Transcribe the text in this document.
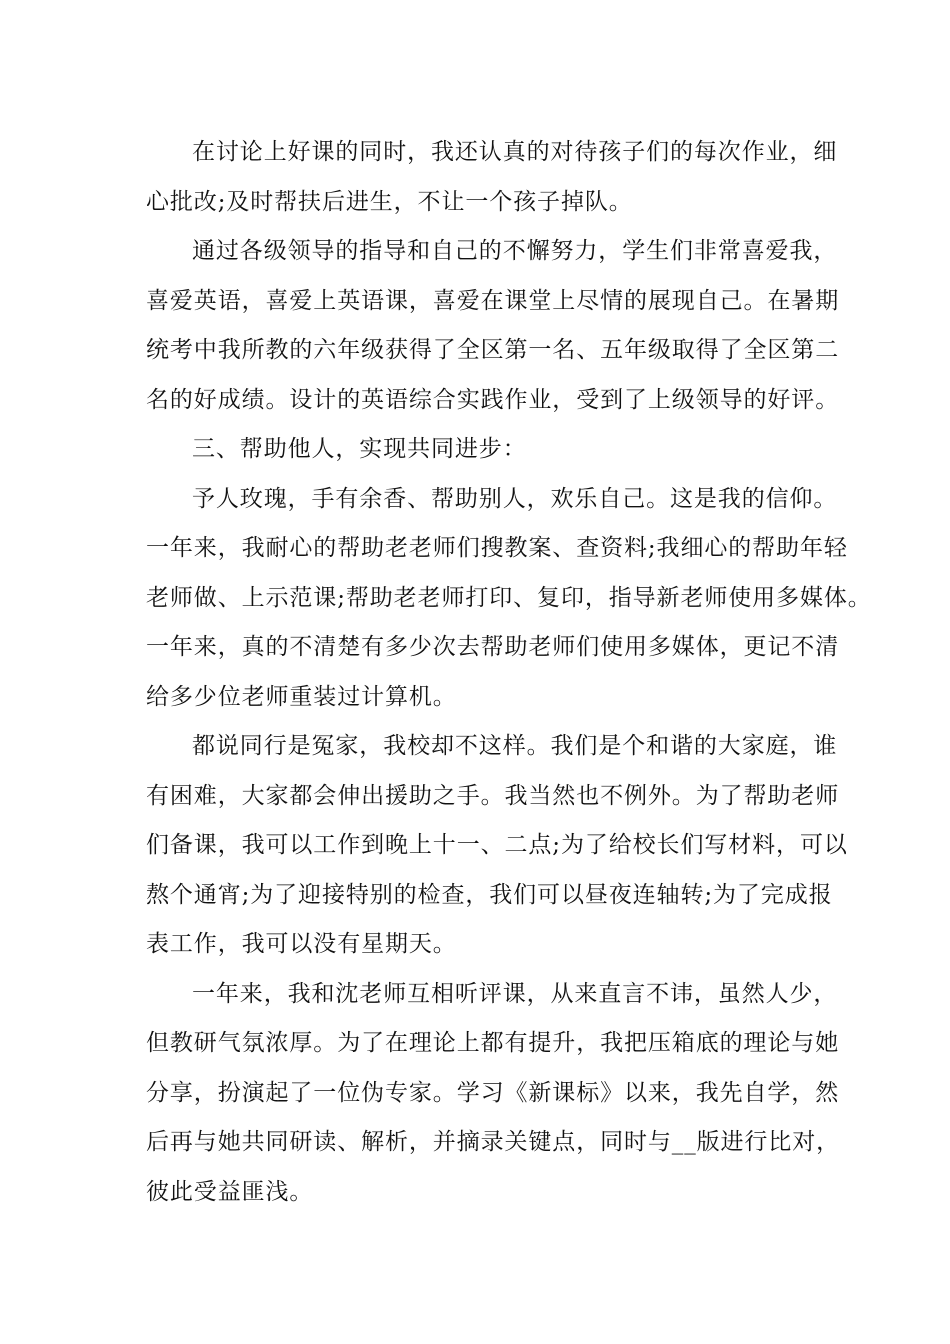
在讨论上好课的同时，我还认真的对待孩子们的每次作业，细
心批改;及时帮扶后进生，不让一个孩子掉队。
通过各级领导的指导和自己的不懈努力，学生们非常喜爱我，
喜爱英语，喜爱上英语课，喜爱在课堂上尽情的展现自己。在暑期
统考中我所教的六年级获得了全区第一名、五年级取得了全区第二
名的好成绩。设计的英语综合实践作业，受到了上级领导的好评。
三、帮助他人，实现共同进步：
予人玫瑰，手有余香、帮助别人，欢乐自己。这是我的信仰。
一年来，我耐心的帮助老老师们搜教案、查资料;我细心的帮助年轻
老师做、上示范课;帮助老老师打印、复印，指导新老师使用多媒体。
一年来，真的不清楚有多少次去帮助老师们使用多媒体，更记不清
给多少位老师重装过计算机。
都说同行是冤家，我校却不这样。我们是个和谐的大家庭，谁
有困难，大家都会伸出援助之手。我当然也不例外。为了帮助老师
们备课，我可以工作到晚上十一、二点;为了给校长们写材料，可以
熬个通宵;为了迎接特别的检查，我们可以昼夜连轴转;为了完成报
表工作，我可以没有星期天。
一年来，我和沈老师互相听评课，从来直言不讳，虽然人少，
但教研气氛浓厚。为了在理论上都有提升，我把压箱底的理论与她
分享，扮演起了一位伪专家。学习《新课标》以来，我先自学，然
后再与她共同研读、解析，并摘录关键点，同时与__版进行比对，
彼此受益匪浅。
